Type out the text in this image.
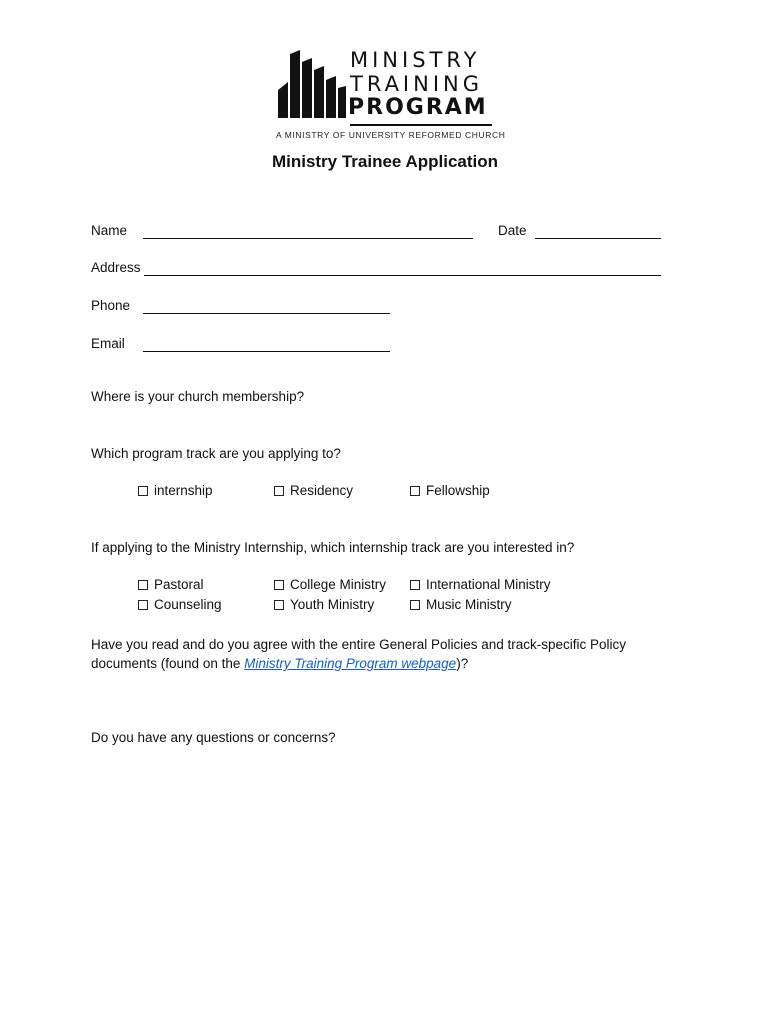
MINISTRY
TRAINING
PROGRAM
A MINISTRY OF UNIVERSITY REFORMED CHURCH
Ministry Trainee Application
Name	Date
Address
Phone
Email
Where is your church membership?
Which program track are you applying to?
internship	Residency	Fellowship
If applying to the Ministry Internship, which internship track are you interested in?
Pastoral	College Ministry	International Ministry
Counseling	Youth Ministry	Music Ministry
Have you read and do you agree with the entire General Policies and track-specific Policy documents (found on the Ministry Training Program webpage)?
Do you have any questions or concerns?
